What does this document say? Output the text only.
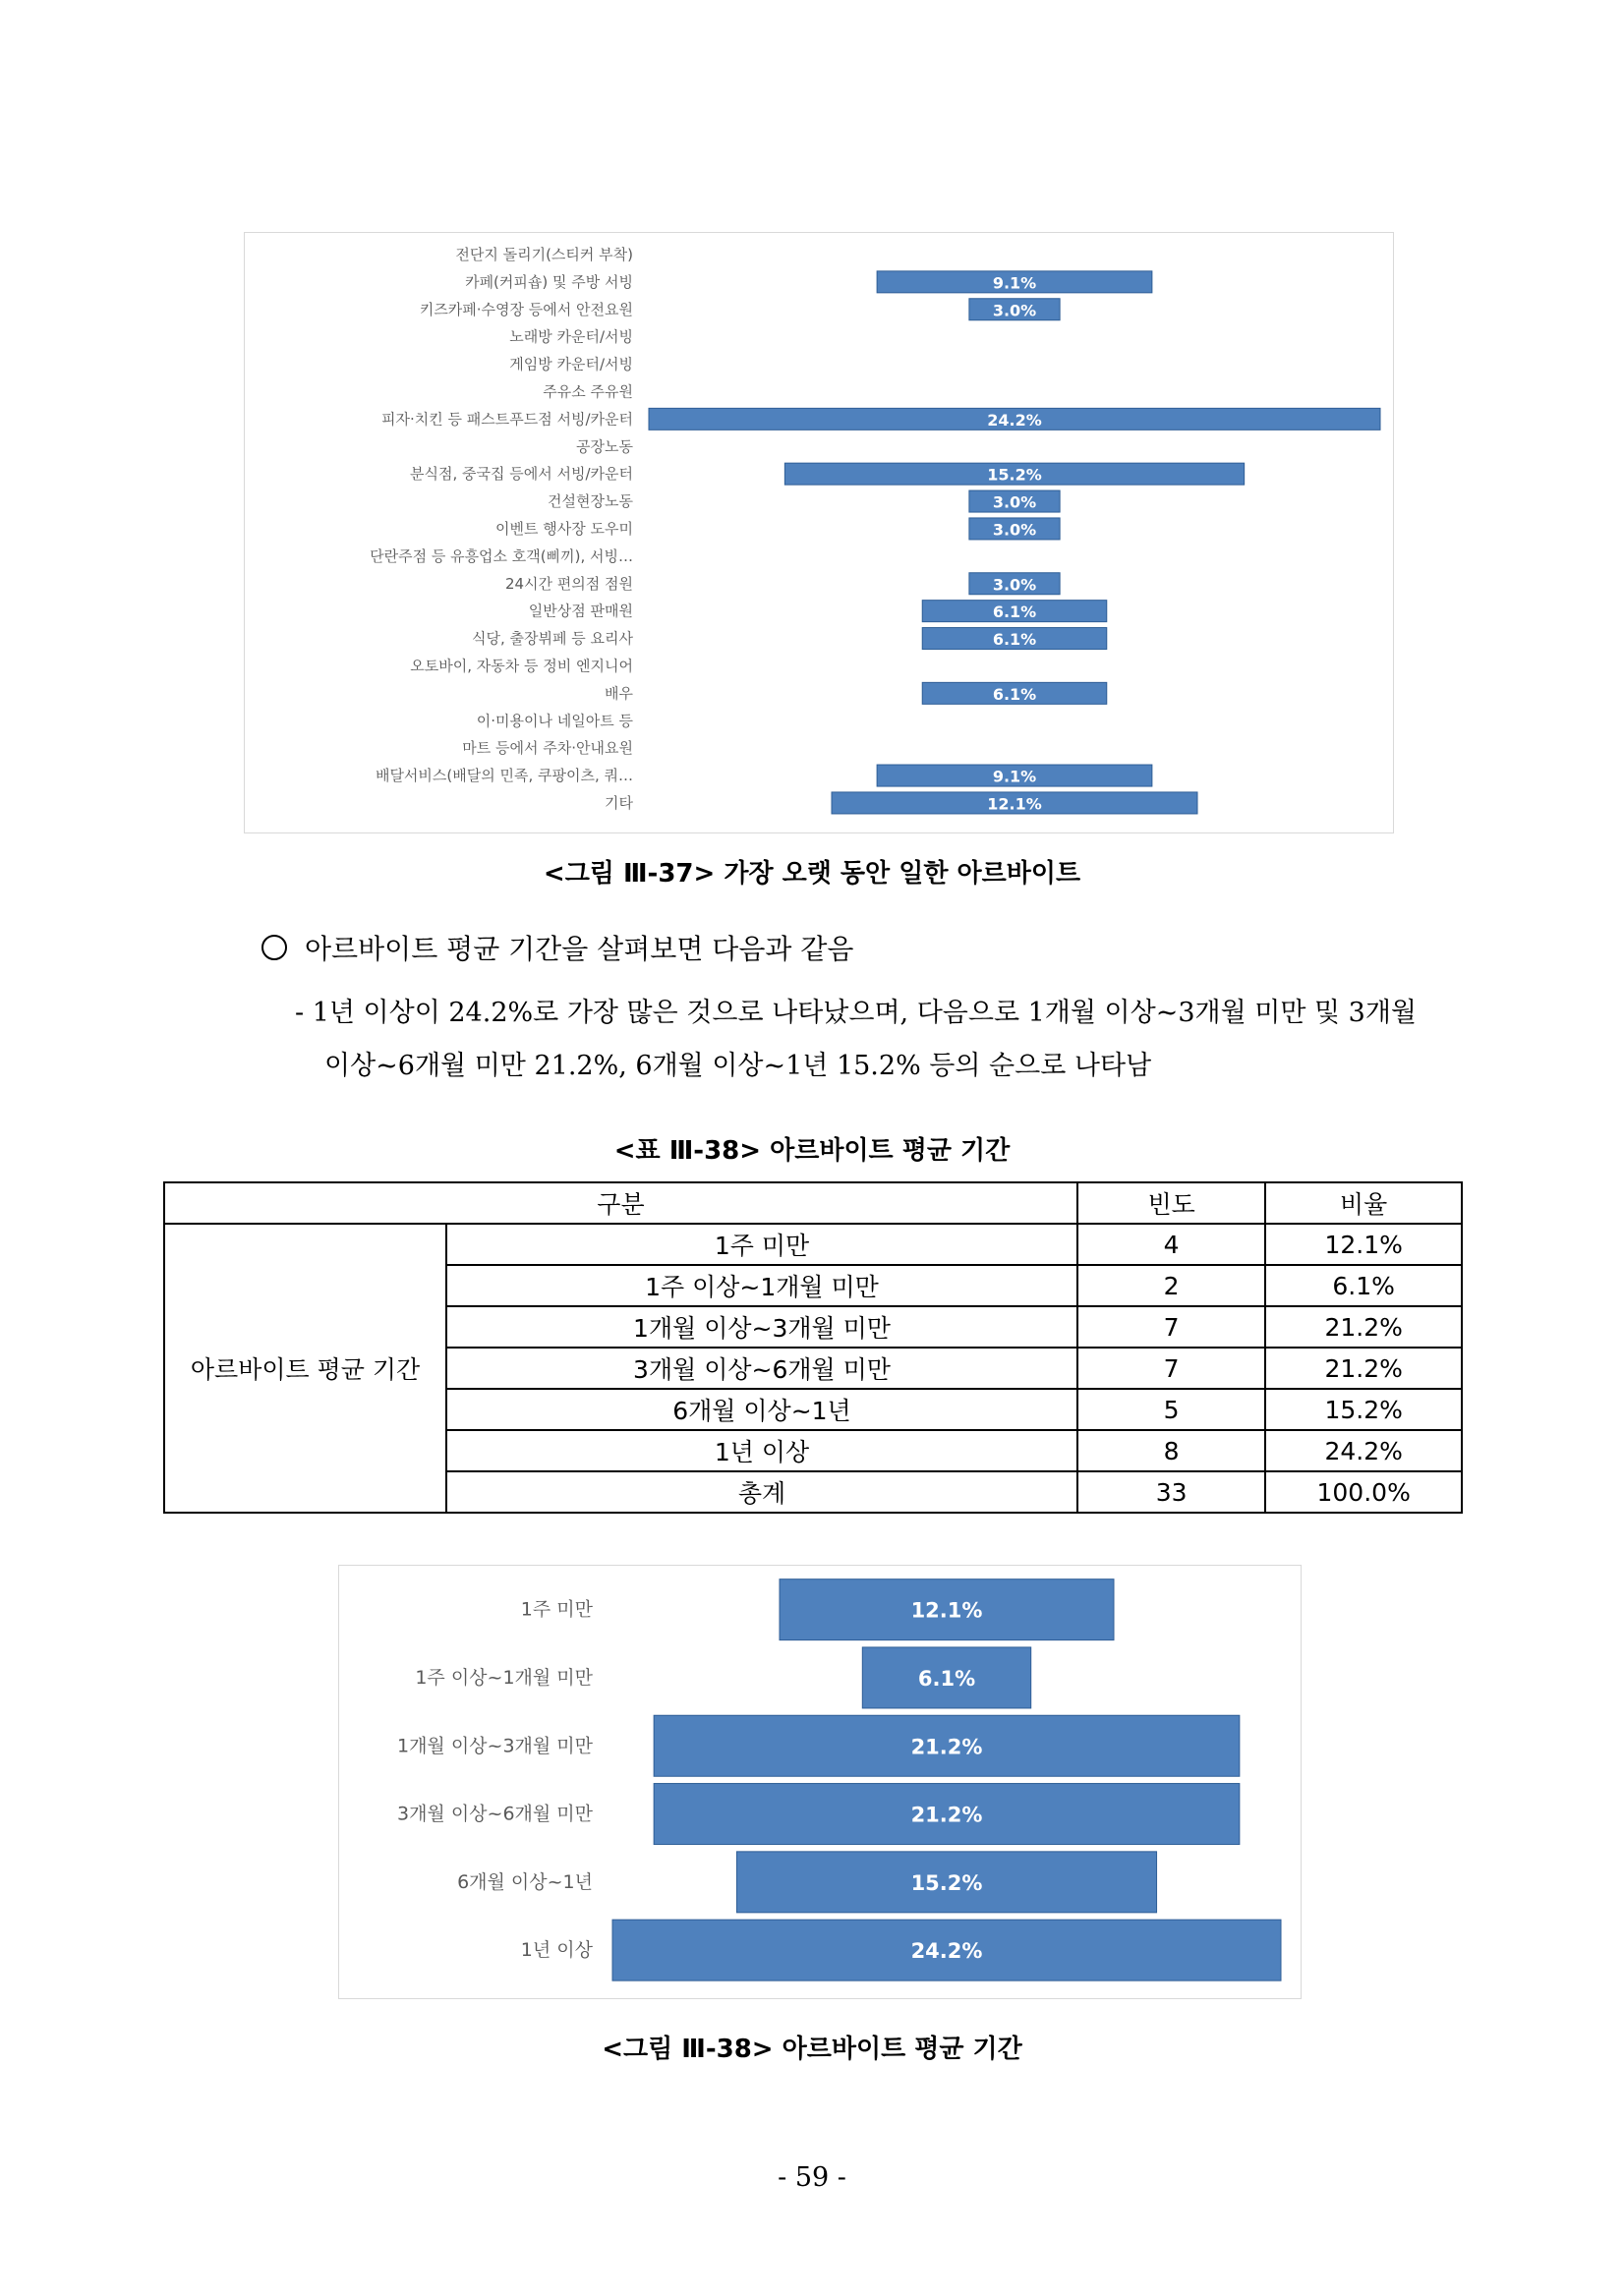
전단지 돌리기(스티커 부착)
카페(커피숍) 및 주방 서빙	9.1%
키즈카페·수영장 등에서 안전요원	3.0%
노래방 카운터/서빙
게임방 카운터/서빙
주유소 주유원
피자·치킨 등 패스트푸드점 서빙/카운터	24.2%
공장노동
분식점, 중국집 등에서 서빙/카운터	15.2%
건설현장노동	3.0%
이벤트 행사장 도우미	3.0%
단란주점 등 유흥업소 호객(삐끼), 서빙…
24시간 편의점 점원	3.0%
일반상점 판매원	6.1%
식당, 출장뷔페 등 요리사	6.1%
오토바이, 자동차 등 정비 엔지니어
배우	6.1%
이·미용이나 네일아트 등
마트 등에서 주차·안내요원
배달서비스(배달의 민족, 쿠팡이츠, 쿼…	9.1%
기타	12.1%
<그림 Ⅲ-37> 가장 오랫 동안 일한 아르바이트
아르바이트 평균 기간을 살펴보면 다음과 같음
- 1년 이상이 24.2%로 가장 많은 것으로 나타났으며, 다음으로 1개월 이상~3개월 미만 및 3개월
이상~6개월 미만 21.2%, 6개월 이상~1년 15.2% 등의 순으로 나타남
<표 Ⅲ-38> 아르바이트 평균 기간
구분		빈도	비율
아르바이트 평균 기간	1주 미만	4	12.1%
	1주 이상~1개월 미만	2	6.1%
	1개월 이상~3개월 미만	7	21.2%
	3개월 이상~6개월 미만	7	21.2%
	6개월 이상~1년	5	15.2%
	1년 이상	8	24.2%
	총계	33	100.0%
1주 미만	12.1%
1주 이상~1개월 미만	6.1%
1개월 이상~3개월 미만	21.2%
3개월 이상~6개월 미만	21.2%
6개월 이상~1년	15.2%
1년 이상	24.2%
<그림 Ⅲ-38> 아르바이트 평균 기간
- 59 -
